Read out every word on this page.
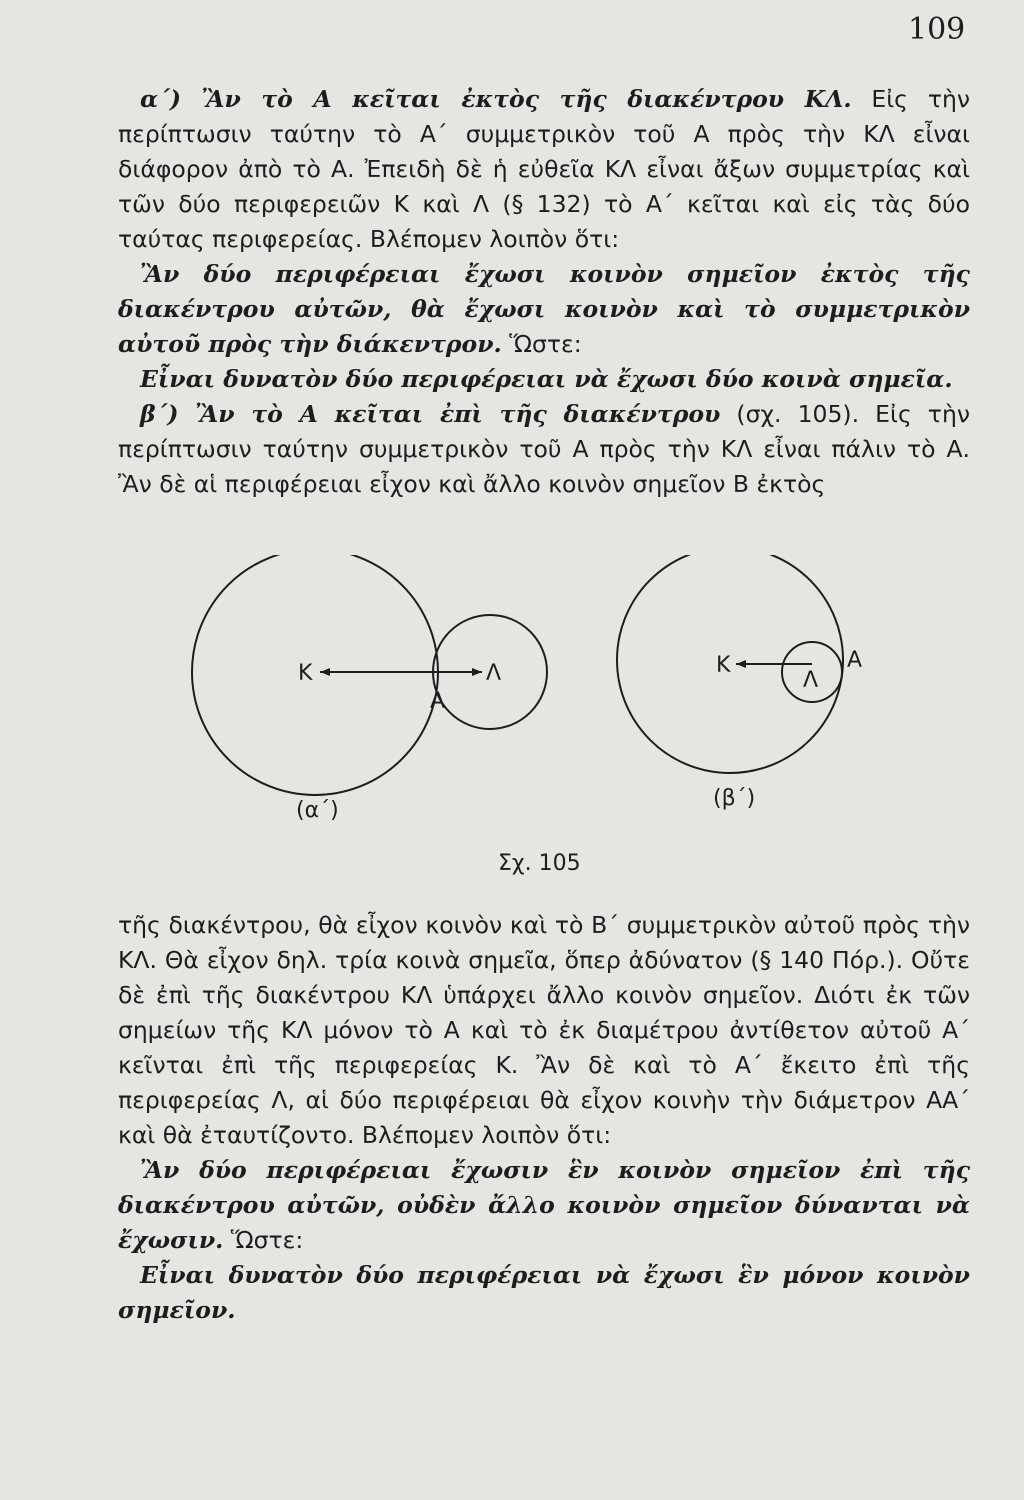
109

α΄) Ἂν τὸ Α κεῖται ἐκτὸς τῆς διακέντρου ΚΛ. Εἰς τὴν περίπτωσιν ταύτην τὸ Α΄ συμμετρικὸν τοῦ Α πρὸς τὴν ΚΛ εἶναι διάφορον ἀπὸ τὸ Α. Ἐπειδὴ δὲ ἡ εὐθεῖα ΚΛ εἶναι ἄξων συμμετρίας καὶ τῶν δύο περιφερειῶν Κ καὶ Λ (§ 132) τὸ Α΄ κεῖται καὶ εἰς τὰς δύο ταύτας περιφερείας. Βλέπομεν λοιπὸν ὅτι:

Ἂν δύο περιφέρειαι ἔχωσι κοινὸν σημεῖον ἐκτὸς τῆς διακέντρου αὐτῶν, θὰ ἔχωσι κοινὸν καὶ τὸ συμμετρικὸν αὐτοῦ πρὸς τὴν διάκεντρον. Ὥστε:

Εἶναι δυνατὸν δύο περιφέρειαι νὰ ἔχωσι δύο κοινὰ σημεῖα.

β΄) Ἂν τὸ Α κεῖται ἐπὶ τῆς διακέντρου (σχ. 105). Εἰς τὴν περίπτωσιν ταύτην συμμετρικὸν τοῦ Α πρὸς τὴν ΚΛ εἶναι πάλιν τὸ Α. Ἂν δὲ αἱ περιφέρειαι εἶχον καὶ ἄλλο κοινὸν σημεῖον Β ἐκτὸς

Κ	Λ
Α
(α΄)
Κ
Λ
Α
(β΄)
Σχ. 105

τῆς διακέντρου, θὰ εἶχον κοινὸν καὶ τὸ Β΄ συμμετρικὸν αὐτοῦ πρὸς τὴν ΚΛ. Θὰ εἶχον δηλ. τρία κοινὰ σημεῖα, ὅπερ ἀδύνατον (§ 140 Πόρ.). Οὔτε δὲ ἐπὶ τῆς διακέντρου ΚΛ ὑπάρχει ἄλλο κοινὸν σημεῖον. Διότι ἐκ τῶν σημείων τῆς ΚΛ μόνον τὸ Α καὶ τὸ ἐκ διαμέτρου ἀντίθετον αὐτοῦ Α΄ κεῖνται ἐπὶ τῆς περιφερείας Κ. Ἂν δὲ καὶ τὸ Α΄ ἔκειτο ἐπὶ τῆς περιφερείας Λ, αἱ δύο περιφέρειαι θὰ εἶχον κοινὴν τὴν διάμετρον ΑΑ΄ καὶ θὰ ἐταυτίζοντο. Βλέπομεν λοιπὸν ὅτι:

Ἂν δύο περιφέρειαι ἔχωσιν ἓν κοινὸν σημεῖον ἐπὶ τῆς διακέντρου αὐτῶν, οὐδὲν ἄλλο κοινὸν σημεῖον δύνανται νὰ ἔχωσιν. Ὥστε:

Εἶναι δυνατὸν δύο περιφέρειαι νὰ ἔχωσι ἓν μόνον κοινὸν σημεῖον.
